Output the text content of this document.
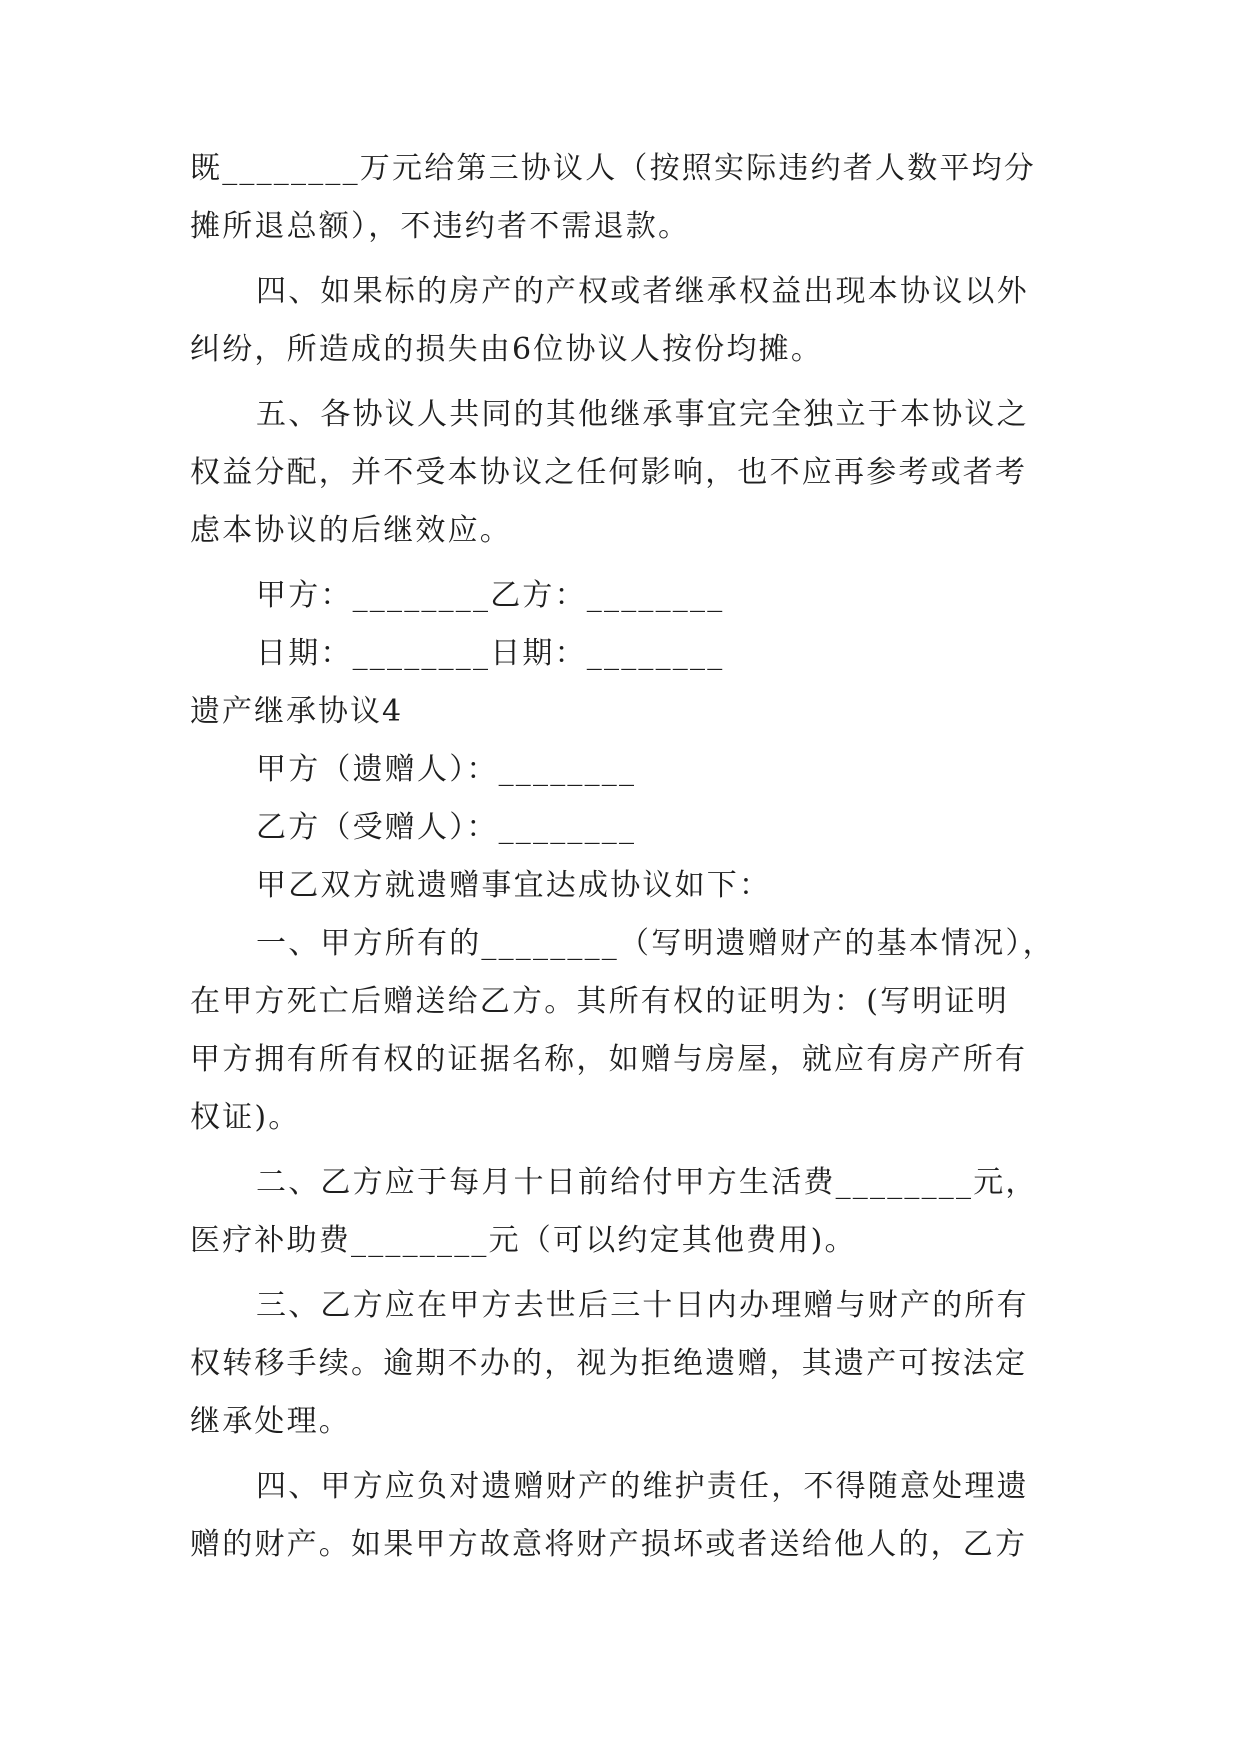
既________万元给第三协议人（按照实际违约者人数平均分
摊所退总额），不违约者不需退款。
四、如果标的房产的产权或者继承权益出现本协议以外
纠纷，所造成的损失由6位协议人按份均摊。
五、各协议人共同的其他继承事宜完全独立于本协议之
权益分配，并不受本协议之任何影响，也不应再参考或者考
虑本协议的后继效应。
甲方：________乙方：________
日期：________日期：________
遗产继承协议4
甲方（遗赠人）：________
乙方（受赠人）：________
甲乙双方就遗赠事宜达成协议如下：
一、甲方所有的________（写明遗赠财产的基本情况），
在甲方死亡后赠送给乙方。其所有权的证明为：(写明证明
甲方拥有所有权的证据名称，如赠与房屋，就应有房产所有
权证)。
二、乙方应于每月十日前给付甲方生活费________元，
医疗补助费________元（可以约定其他费用)。
三、乙方应在甲方去世后三十日内办理赠与财产的所有
权转移手续。逾期不办的，视为拒绝遗赠，其遗产可按法定
继承处理。
四、甲方应负对遗赠财产的维护责任，不得随意处理遗
赠的财产。如果甲方故意将财产损坏或者送给他人的，乙方
